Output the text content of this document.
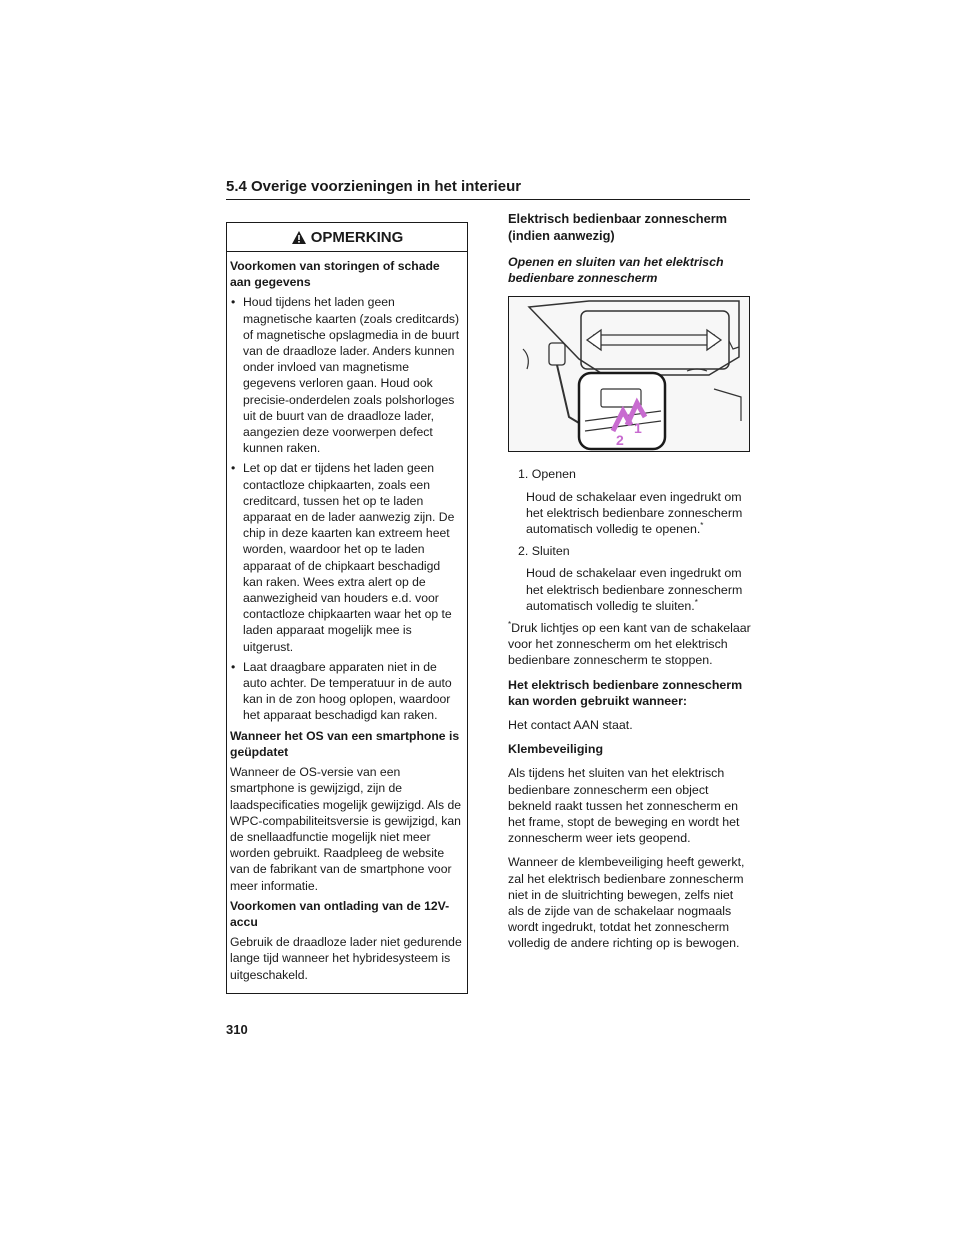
5.4 Overige voorzieningen in het interieur
OPMERKING

Voorkomen van storingen of schade aan gegevens

• Houd tijdens het laden geen magnetische kaarten (zoals creditcards) of magnetische opslagmedia in de buurt van de draadloze lader. Anders kunnen onder invloed van magnetisme gegevens verloren gaan. Houd ook precisie-onderdelen zoals polshorloges uit de buurt van de draadloze lader, aangezien deze voorwerpen defect kunnen raken.
• Let op dat er tijdens het laden geen contactloze chipkaarten, zoals een creditcard, tussen het op te laden apparaat en de lader aanwezig zijn. De chip in deze kaarten kan extreem heet worden, waardoor het op te laden apparaat of de chipkaart beschadigd kan raken. Wees extra alert op de aanwezigheid van houders e.d. voor contactloze chipkaarten waar het op te laden apparaat mogelijk mee is uitgerust.
• Laat draagbare apparaten niet in de auto achter. De temperatuur in de auto kan in de zon hoog oplopen, waardoor het apparaat beschadigd kan raken.

Wanneer het OS van een smartphone is geüpdatet

Wanneer de OS-versie van een smartphone is gewijzigd, zijn de laadspecificaties mogelijk gewijzigd. Als de WPC-compabiliteitsversie is gewijzigd, kan de snellaadfunctie mogelijk niet meer worden gebruikt. Raadpleeg de website van de fabrikant van de smartphone voor meer informatie.

Voorkomen van ontlading van de 12V-accu

Gebruik de draadloze lader niet gedurende lange tijd wanneer het hybridesysteem is uitgeschakeld.

Elektrisch bedienbaar zonnescherm (indien aanwezig)
Openen en sluiten van het elektrisch bedienbare zonnescherm
1
2
1. Openen
Houd de schakelaar even ingedrukt om het elektrisch bedienbare zonnescherm automatisch volledig te openen.*
2. Sluiten
Houd de schakelaar even ingedrukt om het elektrisch bedienbare zonnescherm automatisch volledig te sluiten.*

*Druk lichtjes op een kant van de schakelaar voor het zonnescherm om het elektrisch bedienbare zonnescherm te stoppen.

Het elektrisch bedienbare zonnescherm kan worden gebruikt wanneer:

Het contact AAN staat.

Klembeveiliging

Als tijdens het sluiten van het elektrisch bedienbare zonnescherm een object bekneld raakt tussen het zonnescherm en het frame, stopt de beweging en wordt het zonnescherm weer iets geopend.

Wanneer de klembeveiliging heeft gewerkt, zal het elektrisch bedienbare zonnescherm niet in de sluitrichting bewegen, zelfs niet als de zijde van de schakelaar nogmaals wordt ingedrukt, totdat het zonnescherm volledig de andere richting op is bewogen.

310
